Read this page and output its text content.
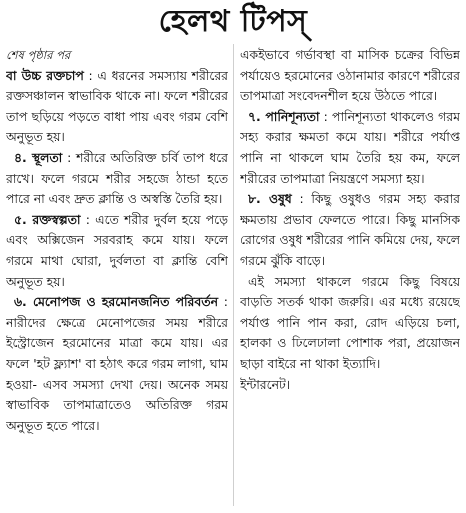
হেলথ টিপস্

শেষ পৃষ্ঠার পর

বা উচ্চ রক্তচাপ : এ ধরনের সমস্যায় শরীরের রক্তসঞ্চালন স্বাভাবিক থাকে না। ফলে শরীরের তাপ ছড়িয়ে পড়তে বাধা পায় এবং গরম বেশি অনুভূত হয়।

৪. স্থূলতা : শরীরে অতিরিক্ত চর্বি তাপ ধরে রাখে। ফলে গরমে শরীর সহজে ঠান্ডা হতে পারে না এবং দ্রুত ক্লান্তি ও অস্বস্তি তৈরি হয়।

৫. রক্তস্বল্পতা : এতে শরীর দুর্বল হয়ে পড়ে এবং অক্সিজেন সরবরাহ কমে যায়। ফলে গরমে মাথা ঘোরা, দুর্বলতা বা ক্লান্তি বেশি অনুভূত হয়।

৬. মেনোপজ ও হরমোনজনিত পরিবর্তন : নারীদের ক্ষেত্রে মেনোপজের সময় শরীরে ইস্ট্রোজেন হরমোনের মাত্রা কমে যায়। এর ফলে 'হট ফ্ল্যাশ' বা হঠাৎ করে গরম লাগা, ঘাম হওয়া- এসব সমস্যা দেখা দেয়। অনেক সময় স্বাভাবিক তাপমাত্রাতেও অতিরিক্ত গরম অনুভূত হতে পারে।

একইভাবে গর্ভাবস্থা বা মাসিক চক্রের বিভিন্ন পর্যায়েও হরমোনের ওঠানামার কারণে শরীরের তাপমাত্রা সংবেদনশীল হয়ে উঠতে পারে।

৭. পানিশূন্যতা : পানিশূন্যতা থাকলেও গরম সহ্য করার ক্ষমতা কমে যায়। শরীরে পর্যাপ্ত পানি না থাকলে ঘাম তৈরি হয় কম, ফলে শরীরের তাপমাত্রা নিয়ন্ত্রণে সমস্যা হয়।

৮. ওষুধ : কিছু ওষুধও গরম সহ্য করার ক্ষমতায় প্রভাব ফেলতে পারে। কিছু মানসিক রোগের ওষুধ শরীরের পানি কমিয়ে দেয়, ফলে গরমে ঝুঁকি বাড়ে।

এই সমস্যা থাকলে গরমে কিছু বিষয়ে বাড়তি সতর্ক থাকা জরুরি। এর মধ্যে রয়েছে পর্যাপ্ত পানি পান করা, রোদ এড়িয়ে চলা, হালকা ও ঢিলেঢালা পোশাক পরা, প্রয়োজন ছাড়া বাইরে না থাকা ইত্যাদি।

ইন্টারনেট।
